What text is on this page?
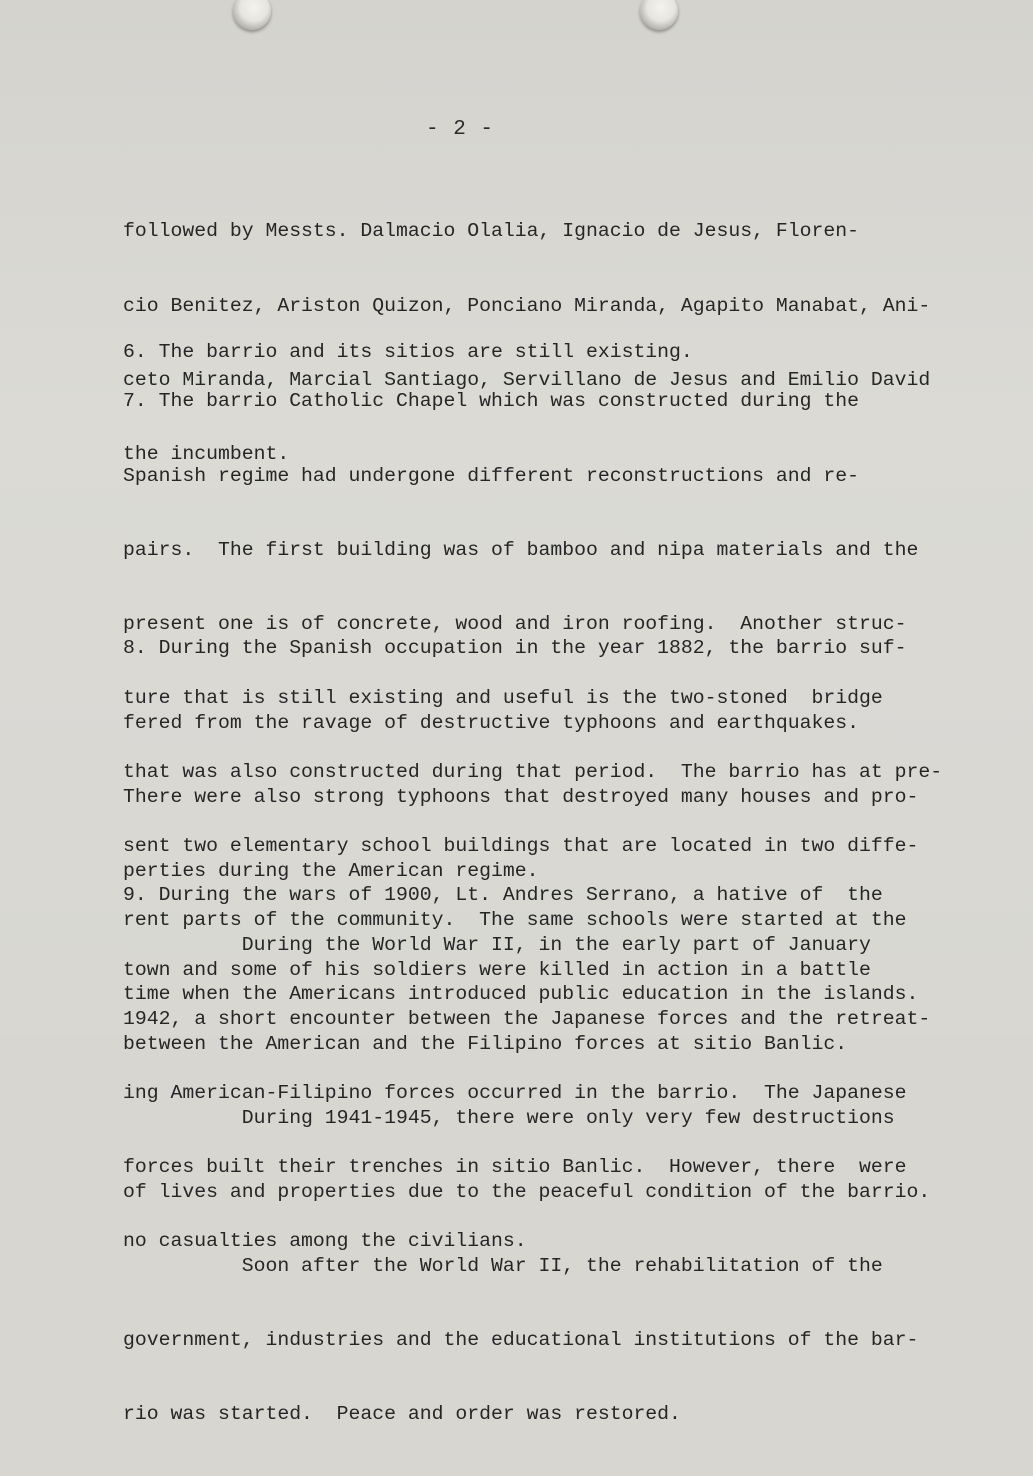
- 2 -

followed by Messts. Dalmacio Olalia, Ignacio de Jesus, Floren-

cio Benitez, Ariston Quizon, Ponciano Miranda, Agapito Manabat, Ani-

ceto Miranda, Marcial Santiago, Servillano de Jesus and Emilio David

the incumbent.

6. The barrio and its sitios are still existing.

7. The barrio Catholic Chapel which was constructed during the

Spanish regime had undergone different reconstructions and re-

pairs.  The first building was of bamboo and nipa materials and the

present one is of concrete, wood and iron roofing.  Another struc-

ture that is still existing and useful is the two-stoned  bridge

that was also constructed during that period.  The barrio has at pre-

sent two elementary school buildings that are located in two diffe-

rent parts of the community.  The same schools were started at the

time when the Americans introduced public education in the islands.

8. During the Spanish occupation in the year 1882, the barrio suf-

fered from the ravage of destructive typhoons and earthquakes.

There were also strong typhoons that destroyed many houses and pro-

perties during the American regime.

During the World War II, in the early part of January

1942, a short encounter between the Japanese forces and the retreat-

ing American-Filipino forces occurred in the barrio.  The Japanese

forces built their trenches in sitio Banlic.  However, there  were

no casualties among the civilians.

9. During the wars of 1900, Lt. Andres Serrano, a hative of  the

town and some of his soldiers were killed in action in a battle

between the American and the Filipino forces at sitio Banlic.

During 1941-1945, there were only very few destructions

of lives and properties due to the peaceful condition of the barrio.

Soon after the World War II, the rehabilitation of the

government, industries and the educational institutions of the bar-

rio was started.  Peace and order was restored.
